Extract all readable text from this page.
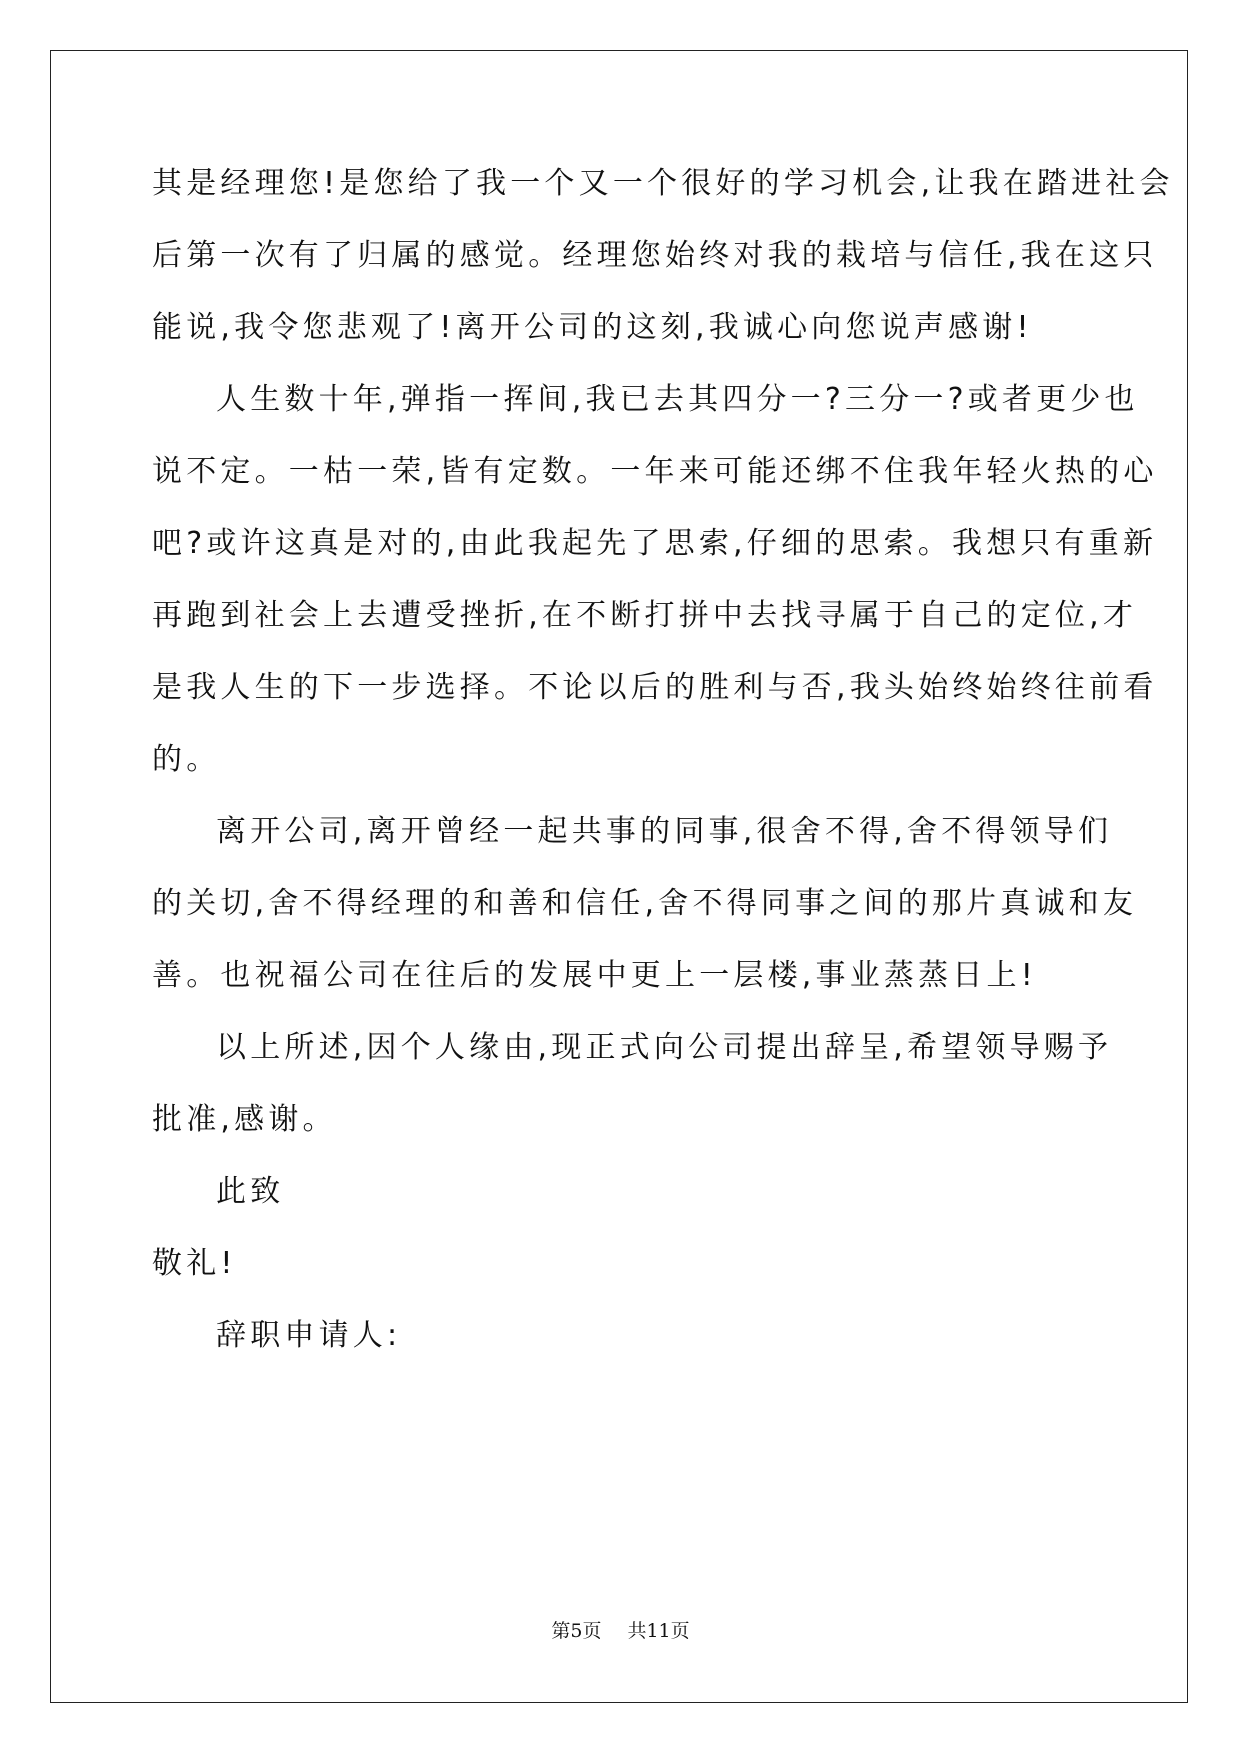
其是经理您!是您给了我一个又一个很好的学习机会,让我在踏进社会
后第一次有了归属的感觉。经理您始终对我的栽培与信任,我在这只
能说,我令您悲观了!离开公司的这刻,我诚心向您说声感谢!
人生数十年,弹指一挥间,我已去其四分一?三分一?或者更少也
说不定。一枯一荣,皆有定数。一年来可能还绑不住我年轻火热的心
吧?或许这真是对的,由此我起先了思索,仔细的思索。我想只有重新
再跑到社会上去遭受挫折,在不断打拼中去找寻属于自己的定位,才
是我人生的下一步选择。不论以后的胜利与否,我头始终始终往前看
的。
离开公司,离开曾经一起共事的同事,很舍不得,舍不得领导们
的关切,舍不得经理的和善和信任,舍不得同事之间的那片真诚和友
善。也祝福公司在往后的发展中更上一层楼,事业蒸蒸日上!
以上所述,因个人缘由,现正式向公司提出辞呈,希望领导赐予
批准,感谢。
此致
敬礼!
辞职申请人:
第5页 共11页
